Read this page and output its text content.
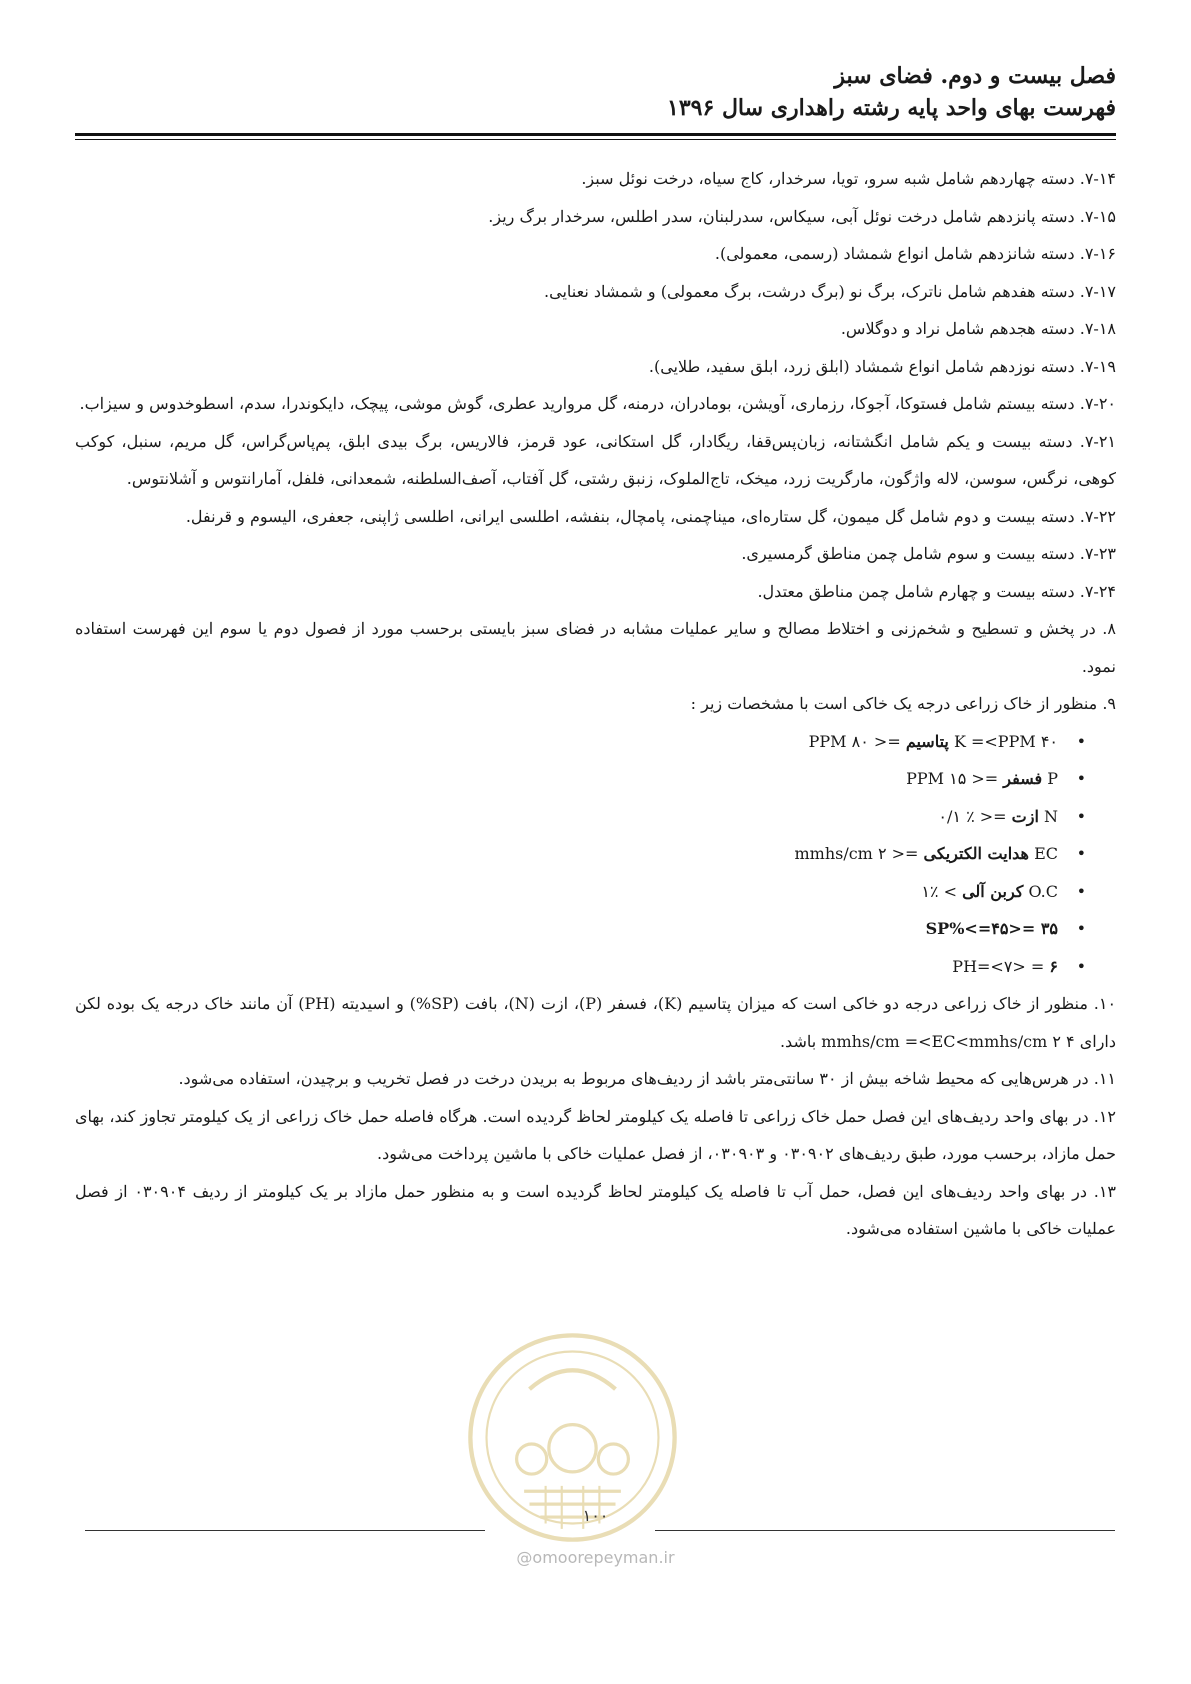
فصل بیست و دوم. فضای سبز
فهرست بهای واحد پایه رشته راهداری سال ۱۳۹۶

۷-۱۴. دسته چهاردهم شامل شبه سرو، تویا، سرخدار، کاج سیاه، درخت نوئل سبز.

۷-۱۵. دسته پانزدهم شامل درخت نوئل آبی، سیکاس، سدرلبنان، سدر اطلس، سرخدار برگ ریز.

۷-۱۶. دسته شانزدهم شامل انواع شمشاد (رسمی، معمولی).

۷-۱۷. دسته هفدهم شامل ناترک، برگ نو (برگ درشت، برگ معمولی) و شمشاد نعنایی.

۷-۱۸. دسته هجدهم شامل نراد و دوگلاس.

۷-۱۹. دسته نوزدهم شامل انواع شمشاد (ابلق زرد، ابلق سفید، طلایی).

۷-۲۰. دسته بیستم شامل فستوکا، آجوکا، رزماری، آویشن، بومادران، درمنه، گل مروارید عطری، گوش موشی، پیچک، دایکوندرا، سدم، اسطوخدوس و سیزاب.

۷-۲۱. دسته بیست و یکم شامل انگشتانه، زبان‌پس‌قفا، ریگادار، گل استکانی، عود قرمز، فالاریس، برگ بیدی ابلق، پم‌پاس‌گراس، گل مریم، سنبل، کوکب کوهی، نرگس، سوسن، لاله واژگون، مارگریت زرد، میخک، تاج‌الملوک، زنبق رشتی، گل آفتاب، آصف‌السلطنه، شمعدانی، فلفل، آمارانتوس و آشلانتوس.

۷-۲۲. دسته بیست و دوم شامل گل میمون، گل ستاره‌ای، میناچمنی، پامچال، بنفشه، اطلسی ایرانی، اطلسی ژاپنی، جعفری، الیسوم و قرنفل.

۷-۲۳. دسته بیست و سوم شامل چمن مناطق گرمسیری.

۷-۲۴. دسته بیست و چهارم شامل چمن مناطق معتدل.

۸. در پخش و تسطیح و شخم‌زنی و اختلاط مصالح و سایر عملیات مشابه در فضای سبز بایستی برحسب مورد از فصول دوم یا سوم این فهرست استفاده نمود.

۹. منظور از خاک زراعی درجه یک خاکی است با مشخصات زیر :

• ۴۰ K =<PPM پتاسیم =< ۸۰ PPM
• P فسفر =< ۱۵ PPM
• N ازت =< ٪ ۰/۱
• EC هدایت الکتریکی =< ۲ mmhs/cm
• O.C کربن آلی > ٪۱
• ۳۵ =<SP%<=۴۵
• ۶ = <PH=<۷

۱۰. منظور از خاک زراعی درجه دو خاکی است که میزان پتاسیم (K)، فسفر (P)، ازت (N)، بافت (SP%) و اسیدیته (PH) آن مانند خاک درجه یک بوده لکن دارای ۴ mmhs/cm =<EC<mmhs/cm ۲ باشد.

۱۱. در هرس‌هایی که محیط شاخه بیش از ۳۰ سانتی‌متر باشد از ردیف‌های مربوط به بریدن درخت در فصل تخریب و برچیدن، استفاده می‌شود.

۱۲. در بهای واحد ردیف‌های این فصل حمل خاک زراعی تا فاصله یک کیلومتر لحاظ گردیده است. هرگاه فاصله حمل خاک زراعی از یک کیلومتر تجاوز کند، بهای حمل مازاد، برحسب مورد، طبق ردیف‌های ۰۳۰۹۰۲ و ۰۳۰۹۰۳، از فصل عملیات خاکی با ماشین پرداخت می‌شود.

۱۳. در بهای واحد ردیف‌های این فصل، حمل آب تا فاصله یک کیلومتر لحاظ گردیده است و به منظور حمل مازاد بر یک کیلومتر از ردیف ۰۳۰۹۰۴ از فصل عملیات خاکی با ماشین استفاده می‌شود.

۱۰۰
@omoorepeyman.ir
